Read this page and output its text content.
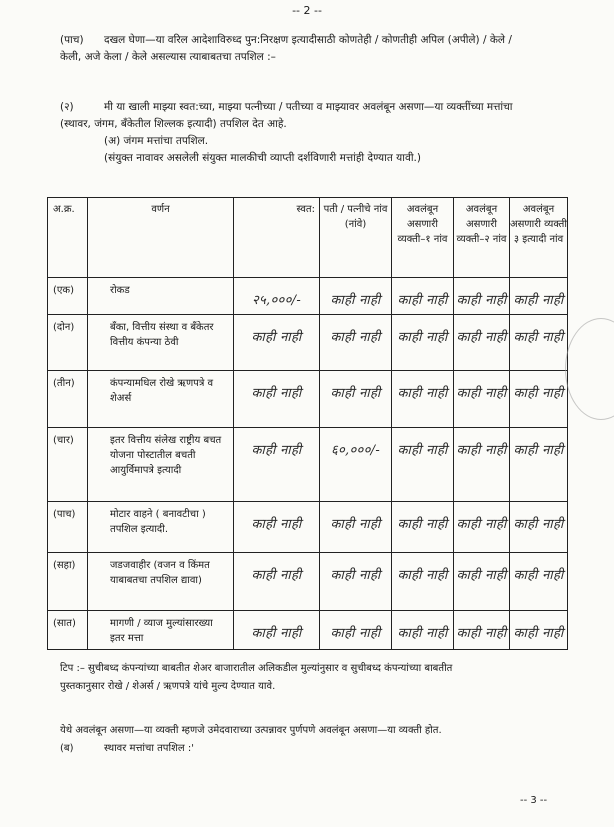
-- 2 --
(पाच) दखल घेणा—या वरिल आदेशाविरुध्द पुन:निरक्षण इत्यादीसाठी कोणतेही / कोणतीही अपिल (अपीले) / केले /
केली, अजे केला / केले असल्यास त्याबाबतचा तपशिल :–
(२)	मी या खाली माझ्या स्वत:च्या, माझ्या पत्नीच्या / पतीच्या व माझ्यावर अवलंबून असणा—या व्यक्तींच्या मत्तांचा
(स्थावर, जंगम, बँकेतील शिल्लक इत्यादी) तपशिल देत आहे.
(अ) जंगम मत्तांचा तपशिल.
(संयुक्त नावावर असलेली संयुक्त मालकीची व्याप्ती दर्शविणारी मत्तांही देण्यात यावी.)
अ.क्र.	वर्णन	स्वत:	पती / पत्नीचे नांव (नांवे)	अवलंबून असणारी व्यक्ती–१ नांव	अवलंबून असणारी व्यक्ती–२ नांव	अवलंबून असणारी व्यक्ती ३ इत्यादी नांव
(एक)	रोकड	२५,०००/-	काही नाही	काही नाही	काही नाही	काही नाही
(दोन)	बँका, वित्तीय संस्था व बँकेतर वित्तीय कंपन्या ठेवी	काही नाही	काही नाही	काही नाही	काही नाही	काही नाही
(तीन)	कंपन्यामधिल रोखे ऋणपत्रे व शेअर्स	काही नाही	काही नाही	काही नाही	काही नाही	काही नाही
(चार)	इतर वित्तीय संलेख राष्ट्रीय बचत योजना पोस्टातील बचती आयुर्विमापत्रे इत्यादी	काही नाही	६०,०००/-	काही नाही	काही नाही	काही नाही
(पाच)	मोटार वाहने ( बनावटीचा ) तपशिल इत्यादी.	काही नाही	काही नाही	काही नाही	काही नाही	काही नाही
(सहा)	जडजवाहीर (वजन व किंमत याबाबतचा तपशिल द्यावा)	काही नाही	काही नाही	काही नाही	काही नाही	काही नाही
(सात)	मागणी / व्याज मुल्यांसारख्या इतर मत्ता	काही नाही	काही नाही	काही नाही	काही नाही	काही नाही
टिप :– सुचीबध्द कंपन्यांच्या बाबतीत शेअर बाजारातील अलिकडील मुल्यांनुसार व सुचीबध्द कंपन्यांच्या बाबतीत
पुस्तकानुसार रोखे / शेअर्स / ऋणपत्रे यांचे मुल्य देण्यात यावे.
येथे अवलंबून असणा—या व्यक्ती म्हणजे उमेदवाराच्या उत्पन्नावर पुर्णपणे अवलंबून असणा—या व्यक्ती होत.
(ब)	स्थावर मत्तांचा तपशिल :'
-- 3 --
